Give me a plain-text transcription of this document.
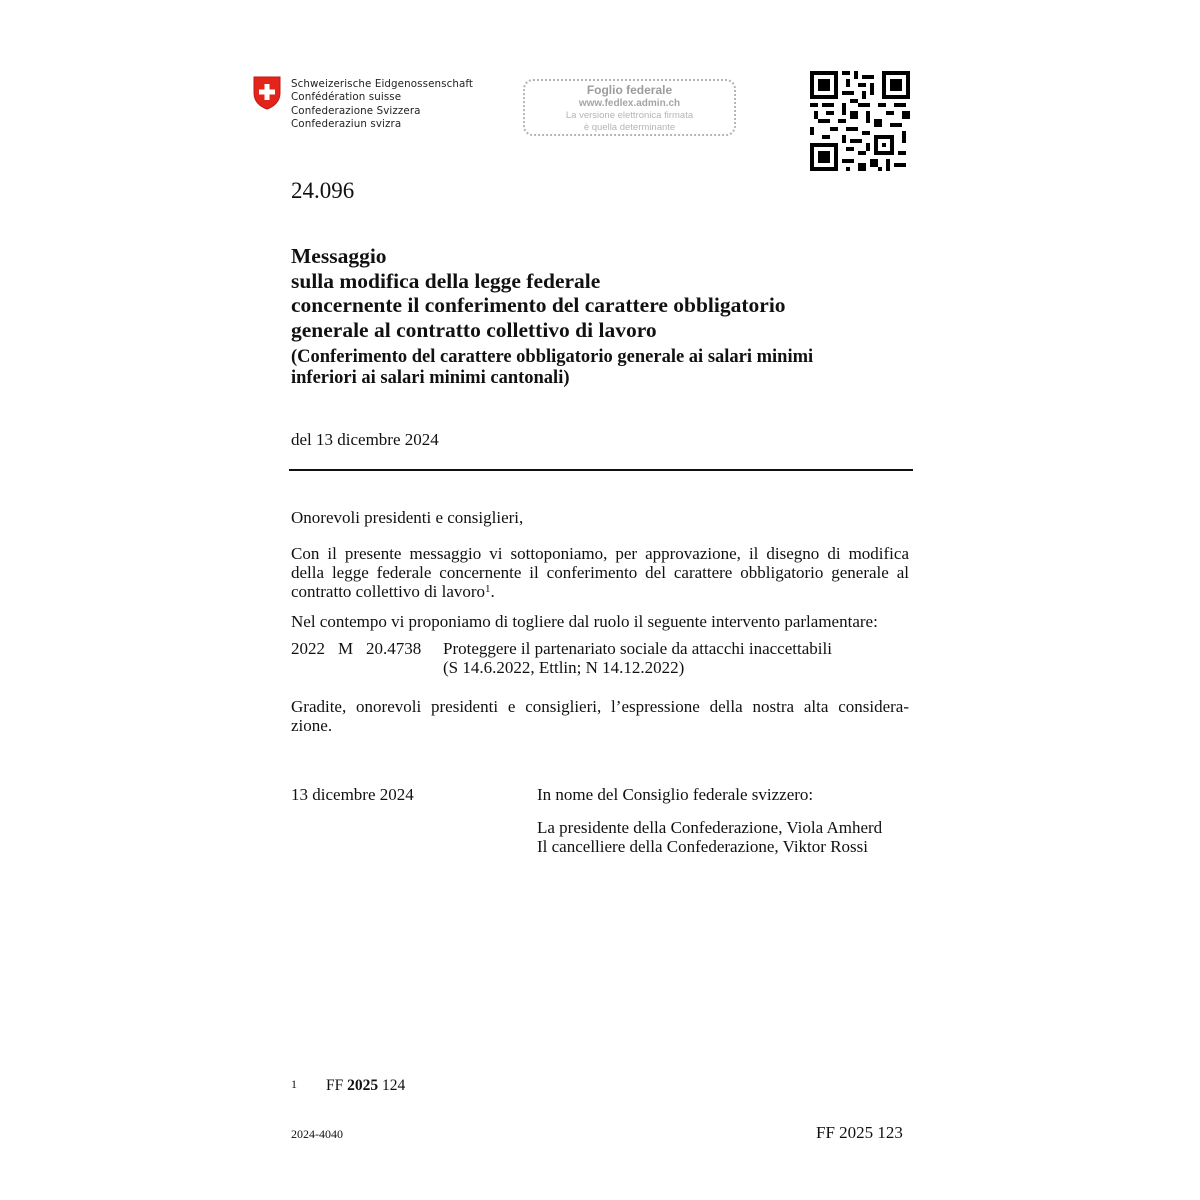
Schweizerische Eidgenossenschaft
Confédération suisse
Confederazione Svizzera
Confederaziun svizra
Foglio federale
www.fedlex.admin.ch
La versione elettronica firmata
è quella determinante
24.096
Messaggio
sulla modifica della legge federale
concernente il conferimento del carattere obbligatorio
generale al contratto collettivo di lavoro
(Conferimento del carattere obbligatorio generale ai salari minimi
inferiori ai salari minimi cantonali)
del 13 dicembre 2024
Onorevoli presidenti e consiglieri,
Con il presente messaggio vi sottoponiamo, per approvazione, il disegno di modifica
della legge federale concernente il conferimento del carattere obbligatorio generale al
contratto collettivo di lavoro$^1$.
Nel contempo vi proponiamo di togliere dal ruolo il seguente intervento parlamentare:
2022 M 20.4738 Proteggere il partenariato sociale da attacchi inaccettabili
(S 14.6.2022, Ettlin; N 14.12.2022)
Gradite, onorevoli presidenti e consiglieri, l’espressione della nostra alta considera-
zione.
13 dicembre 2024	In nome del Consiglio federale svizzero:
La presidente della Confederazione, Viola Amherd
Il cancelliere della Confederazione, Viktor Rossi
1 FF 2025 124
2024-4040	FF 2025 123
